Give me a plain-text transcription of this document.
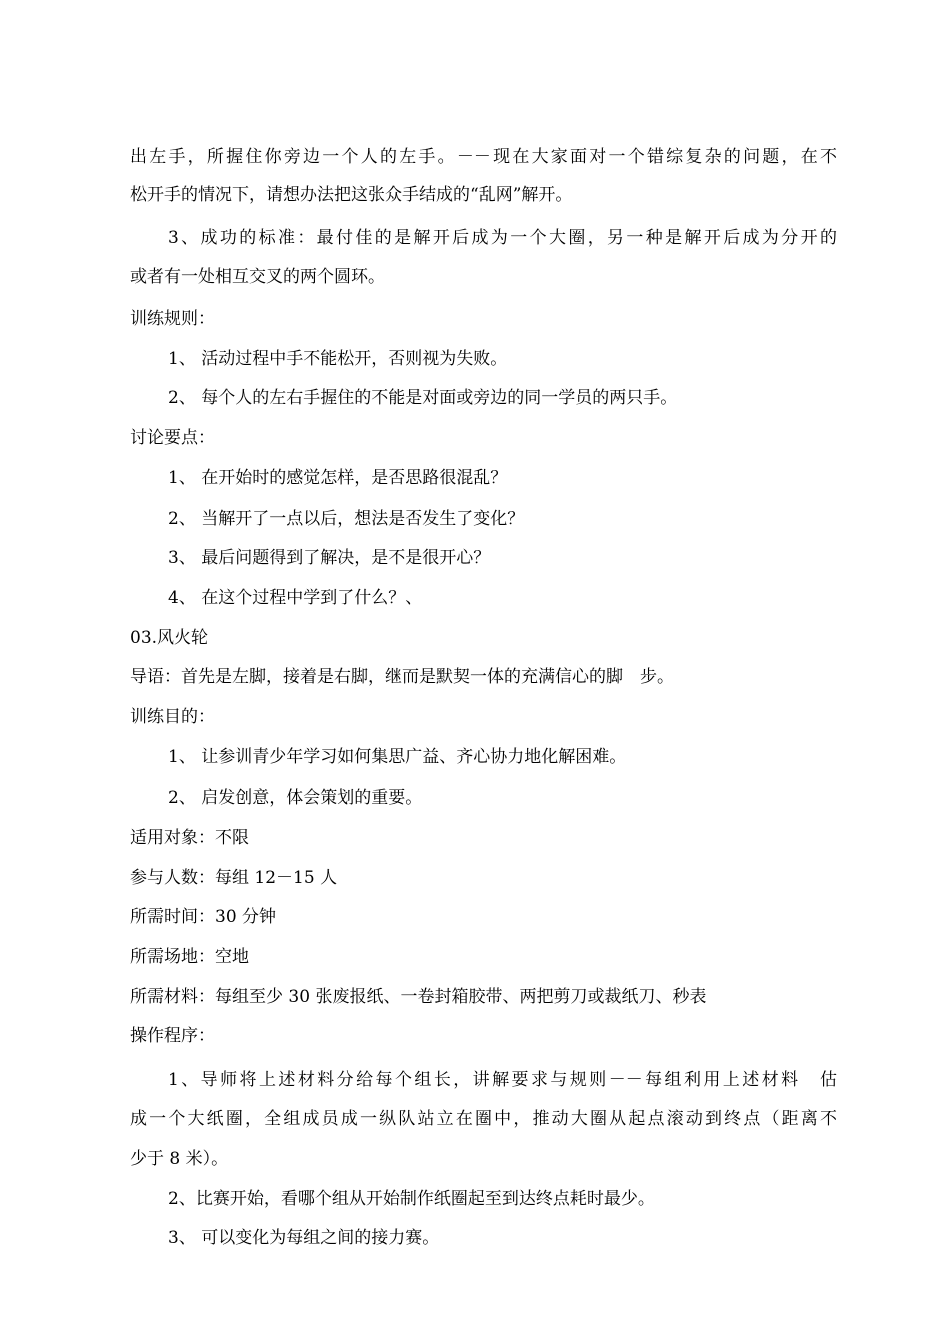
出左手，所握住你旁边一个人的左手。－－现在大家面对一个错综复杂的问题，在不
松开手的情况下，请想办法把这张众手结成的“乱网”解开。
3、成功的标准：最付佳的是解开后成为一个大圈，另一种是解开后成为分开的
或者有一处相互交叉的两个圆环。
训练规则：
1、 活动过程中手不能松开，否则视为失败。
2、 每个人的左右手握住的不能是对面或旁边的同一学员的两只手。
讨论要点：
1、 在开始时的感觉怎样，是否思路很混乱？
2、 当解开了一点以后，想法是否发生了变化？
3、 最后问题得到了解决，是不是很开心？
4、 在这个过程中学到了什么？、
03.风火轮
导语：首先是左脚，接着是右脚，继而是默契一体的充满信心的脚　步。
训练目的：
1、 让参训青少年学习如何集思广益、齐心协力地化解困难。
2、 启发创意，体会策划的重要。
适用对象：不限
参与人数：每组 12－15 人
所需时间：30 分钟
所需场地：空地
所需材料：每组至少 30 张废报纸、一卷封箱胶带、两把剪刀或裁纸刀、秒表
操作程序：
1、导师将上述材料分给每个组长，讲解要求与规则－－每组利用上述材料　估
成一个大纸圈，全组成员成一纵队站立在圈中，推动大圈从起点滚动到终点（距离不
少于 8 米）。
2、比赛开始，看哪个组从开始制作纸圈起至到达终点耗时最少。
3、 可以变化为每组之间的接力赛。
